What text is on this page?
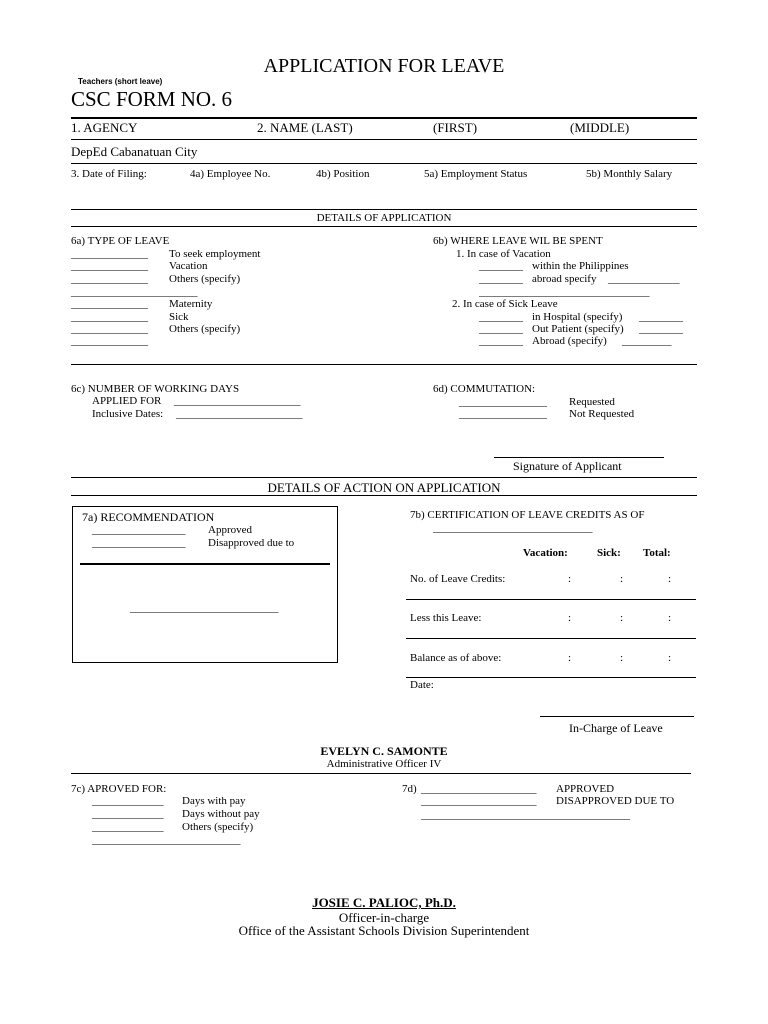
APPLICATION FOR LEAVE
Teachers (short leave)
CSC FORM NO. 6
1. AGENCY	2. NAME (LAST)	(FIRST)	(MIDDLE)
DepEd Cabanatuan City
3. Date of Filing:	4a) Employee No.	4b) Position	5a) Employment Status	5b) Monthly Salary
DETAILS OF APPLICATION
6a) TYPE OF LEAVE
______________ To seek employment
______________ Vacation
______________ Others (specify)
_______________________
______________ Maternity
______________ Sick
______________ Others (specify)
______________
6b) WHERE LEAVE WIL BE SPENT
1. In case of Vacation
________ within the Philippines
________ abroad specify _____________
_______________________________
2. In case of Sick Leave
________ in Hospital (specify) ________
________ Out Patient (specify) ________
________ Abroad (specify) _________
6c) NUMBER OF WORKING DAYS
APPLIED FOR _______________________
Inclusive Dates: _______________________
6d) COMMUTATION:
________________ Requested
________________ Not Requested
Signature of Applicant
DETAILS OF ACTION ON APPLICATION
7a) RECOMMENDATION
_________________ Approved
_________________ Disapproved due to
___________________________
7b) CERTIFICATION OF LEAVE CREDITS AS OF
_____________________________
Vacation:	Sick: Total:
No. of Leave Credits:	:	:	:
Less this Leave:	:	:	:
Balance as of above:	:	:	:
Date:
In-Charge of Leave
EVELYN C. SAMONTE
Administrative Officer IV
7c) APROVED FOR:
_____________ Days with pay
_____________ Days without pay
_____________ Others (specify)
___________________________
7d) _____________________ APPROVED
_____________________ DISAPPROVED DUE TO
______________________________________
JOSIE C. PALIOC, Ph.D.
Officer-in-charge
Office of the Assistant Schools Division Superintendent
